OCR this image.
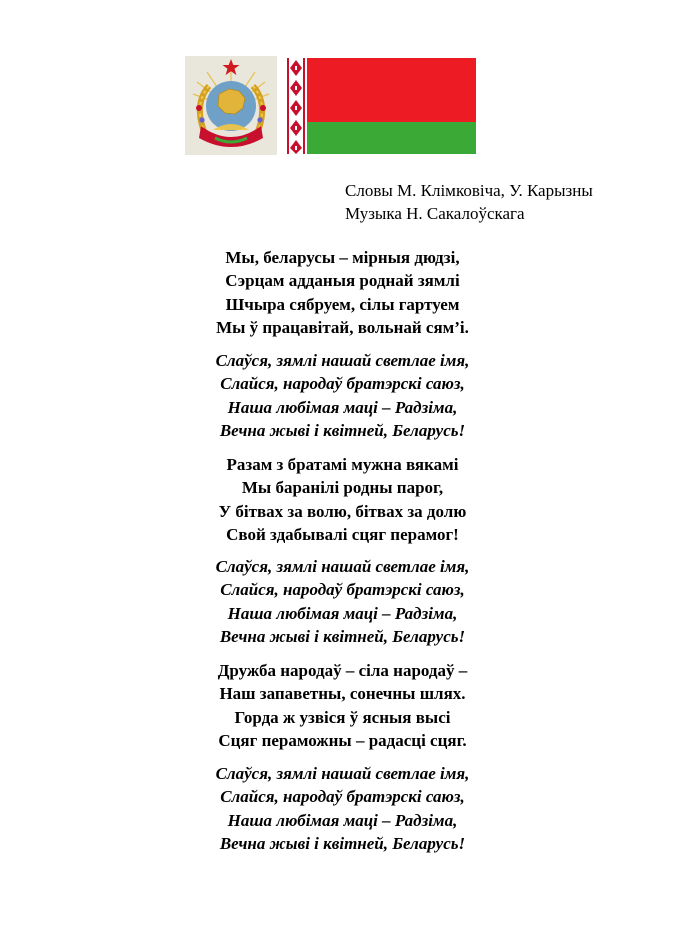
Словы М. Клімковіча, У. Карызны
Музыка Н. Сакалоўскага
Мы, беларусы – мірныя дюдзі,
Сэрцам адданыя роднай зямлі
Шчыра сябруем, сілы гартуем
Мы ў працавітай, вольнай сям’і.
Слаўся, зямлі нашай светлае імя,
Слайся, народаў братэрскі саюз,
Наша любімая маці – Радзіма,
Вечна жыві і квітней, Беларусь!
Разам з братамі мужна вякамі
Мы баранілі родны парог,
У бітвах за волю, бітвах за долю
Свой здабывалі сцяг перамог!
Слаўся, зямлі нашай светлае імя,
Слайся, народаў братэрскі саюз,
Наша любімая маці – Радзіма,
Вечна жыві і квітней, Беларусь!
Дружба народаў – сіла народаў –
Наш запаветны, сонечны шлях.
Горда ж узвіся ў ясныя высі
Сцяг пераможны – радасці сцяг.
Слаўся, зямлі нашай светлае імя,
Слайся, народаў братэрскі саюз,
Наша любімая маці – Радзіма,
Вечна жыві і квітней, Беларусь!
